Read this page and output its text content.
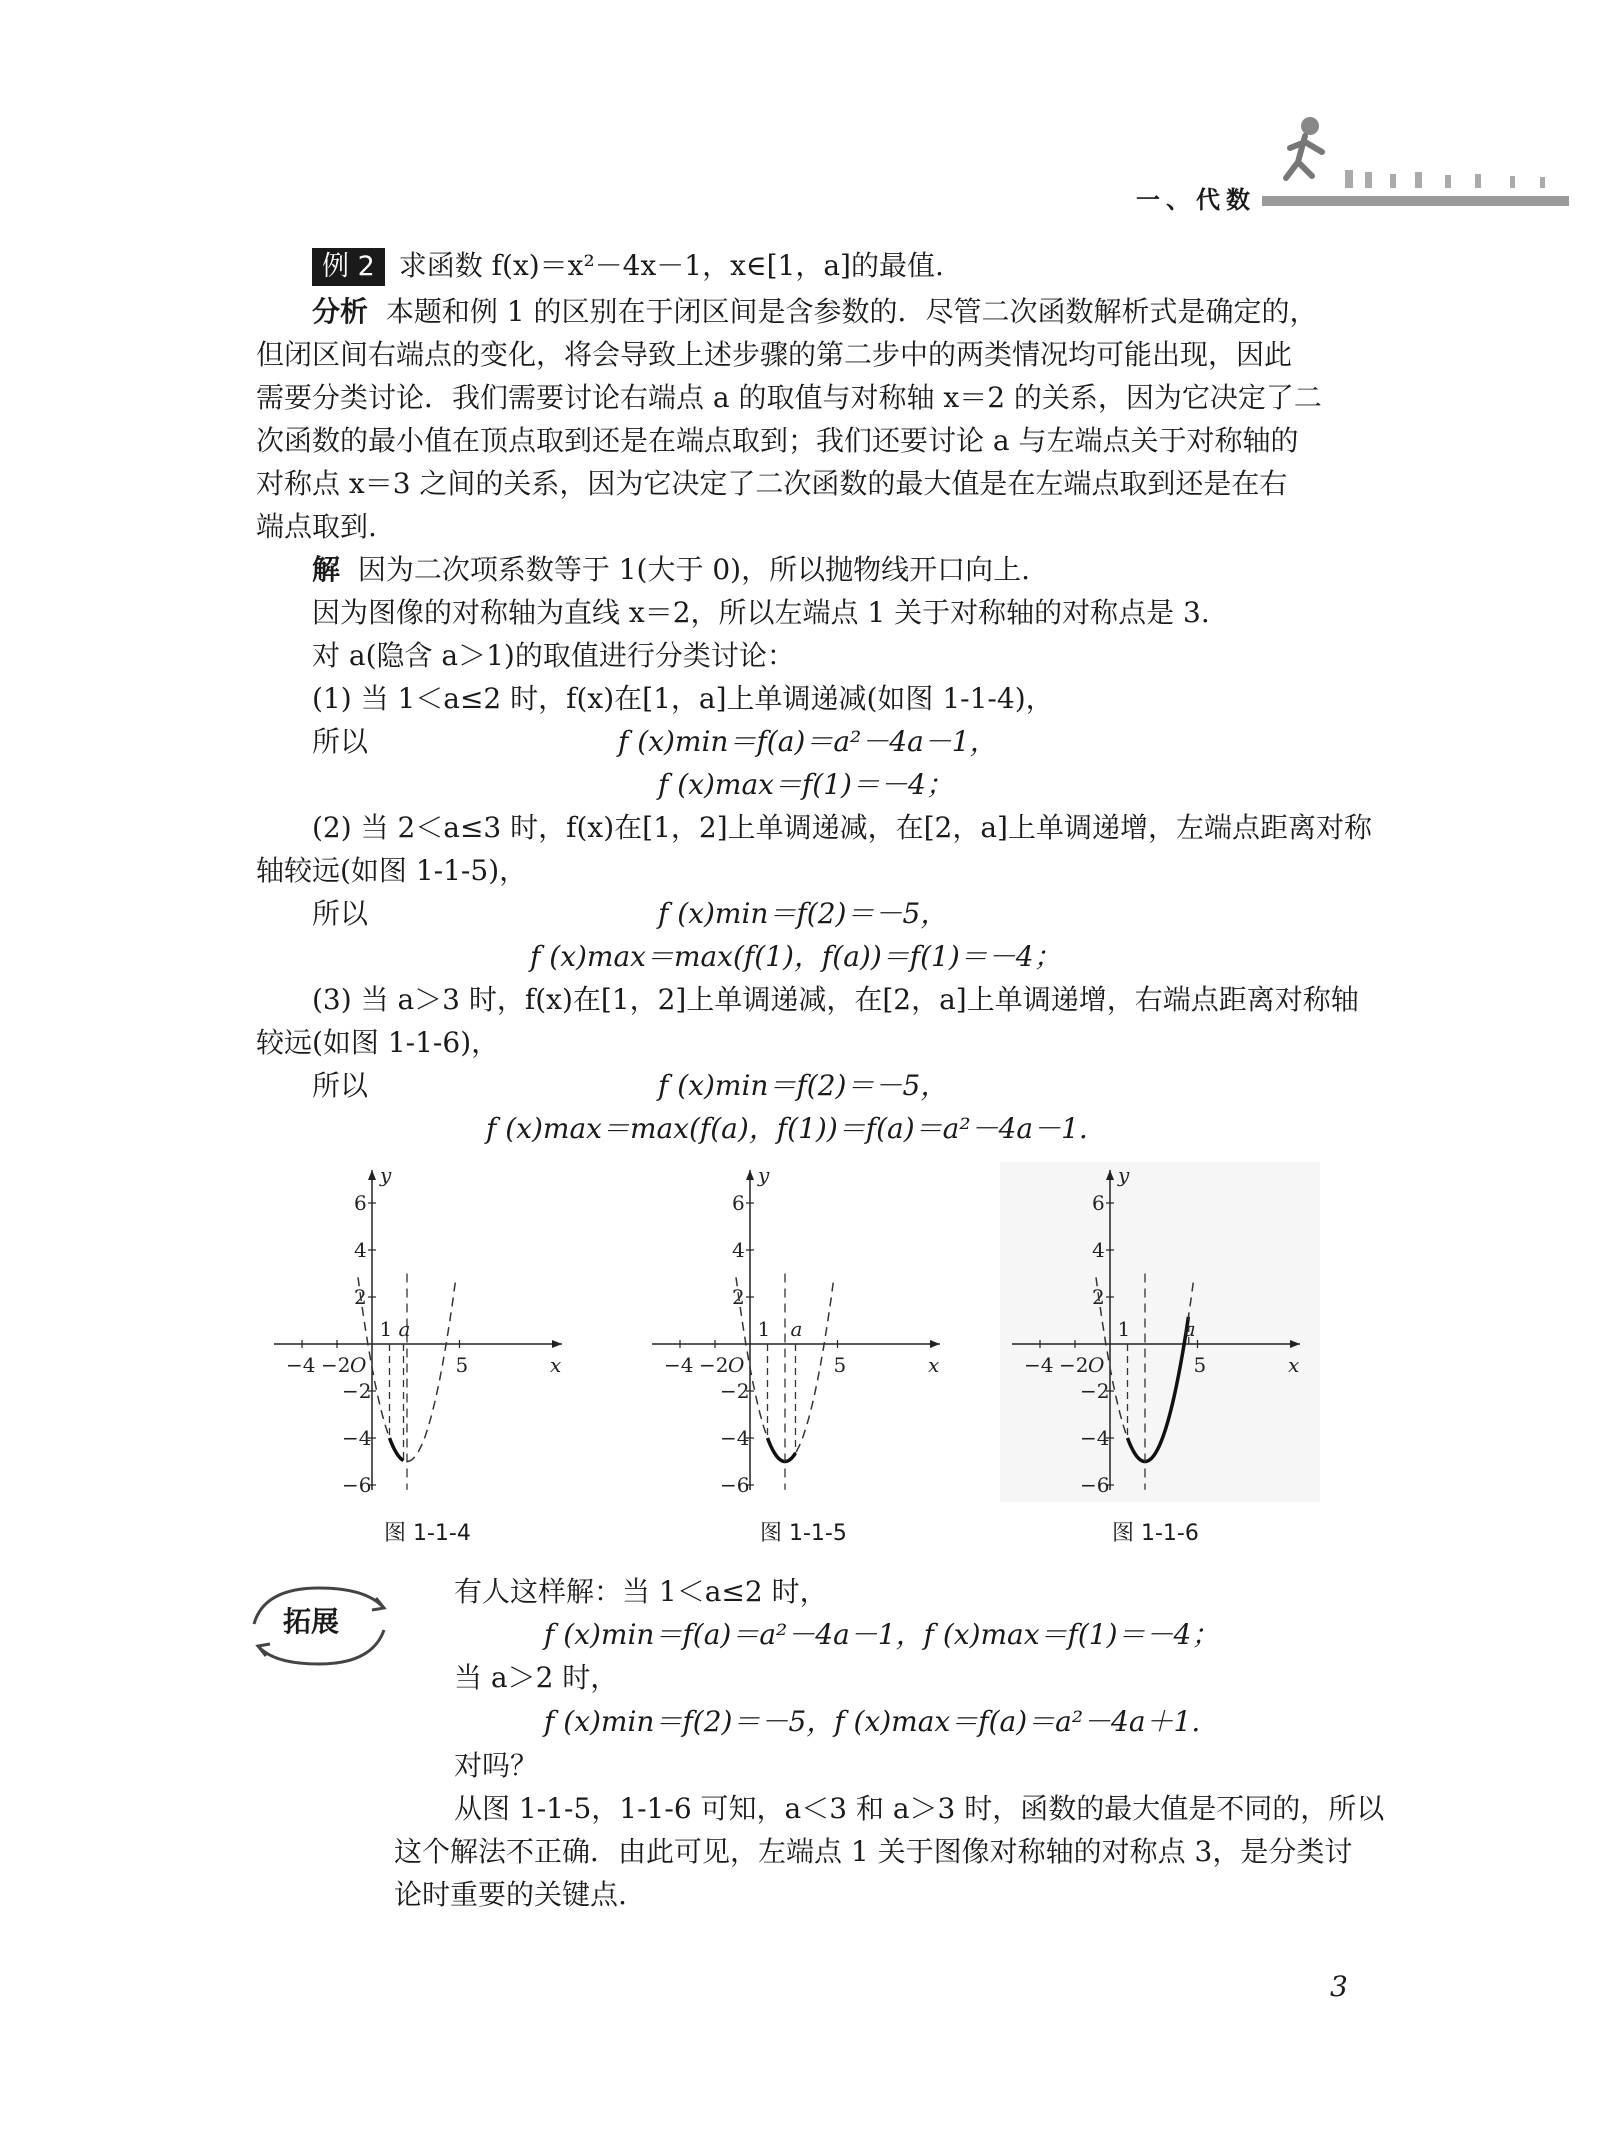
一、代数
例 2 求函数 f(x)＝x²－4x－1，x∈[1，a]的最值.
分析 本题和例 1 的区别在于闭区间是含参数的．尽管二次函数解析式是确定的，
但闭区间右端点的变化，将会导致上述步骤的第二步中的两类情况均可能出现，因此
需要分类讨论．我们需要讨论右端点 a 的取值与对称轴 x＝2 的关系，因为它决定了二
次函数的最小值在顶点取到还是在端点取到；我们还要讨论 a 与左端点关于对称轴的
对称点 x＝3 之间的关系，因为它决定了二次函数的最大值是在左端点取到还是在右
端点取到.
解 因为二次项系数等于 1(大于 0)，所以抛物线开口向上.
因为图像的对称轴为直线 x＝2，所以左端点 1 关于对称轴的对称点是 3.
对 a(隐含 a＞1)的取值进行分类讨论：
(1) 当 1＜a≤2 时，f(x)在[1，a]上单调递减(如图 1-1-4)，
所以	f (x)min＝f(a)＝a²－4a－1，
f (x)max＝f(1)＝－4；
(2) 当 2＜a≤3 时，f(x)在[1，2]上单调递减，在[2，a]上单调递增，左端点距离对称
轴较远(如图 1-1-5)，
所以	f (x)min＝f(2)＝－5，
f (x)max＝max(f(1)，f(a))＝f(1)＝－4；
(3) 当 a＞3 时，f(x)在[1，2]上单调递减，在[2，a]上单调递增，右端点距离对称轴
较远(如图 1-1-6)，
所以	f (x)min＝f(2)＝－5，
f (x)max＝max(f(a)，f(1))＝f(a)＝a²－4a－1.
x
y
O
−4 −2	5
6
4
2
−2
−4
−6
1 a
x
y
O
−4 −2	5
6
4
2
−2
−4
−6
1 a
x
y
O
−4 −2	5
6
4
2
−2
−4
−6
1	a
图 1-1-4	图 1-1-5	图 1-1-6
拓展
有人这样解：当 1＜a≤2 时，
f (x)min＝f(a)＝a²－4a－1，f (x)max＝f(1)＝－4；
当 a＞2 时，
f (x)min＝f(2)＝－5，f (x)max＝f(a)＝a²－4a＋1.
对吗？
从图 1-1-5，1-1-6 可知，a＜3 和 a＞3 时，函数的最大值是不同的，所以
这个解法不正确．由此可见，左端点 1 关于图像对称轴的对称点 3，是分类讨
论时重要的关键点.
3
